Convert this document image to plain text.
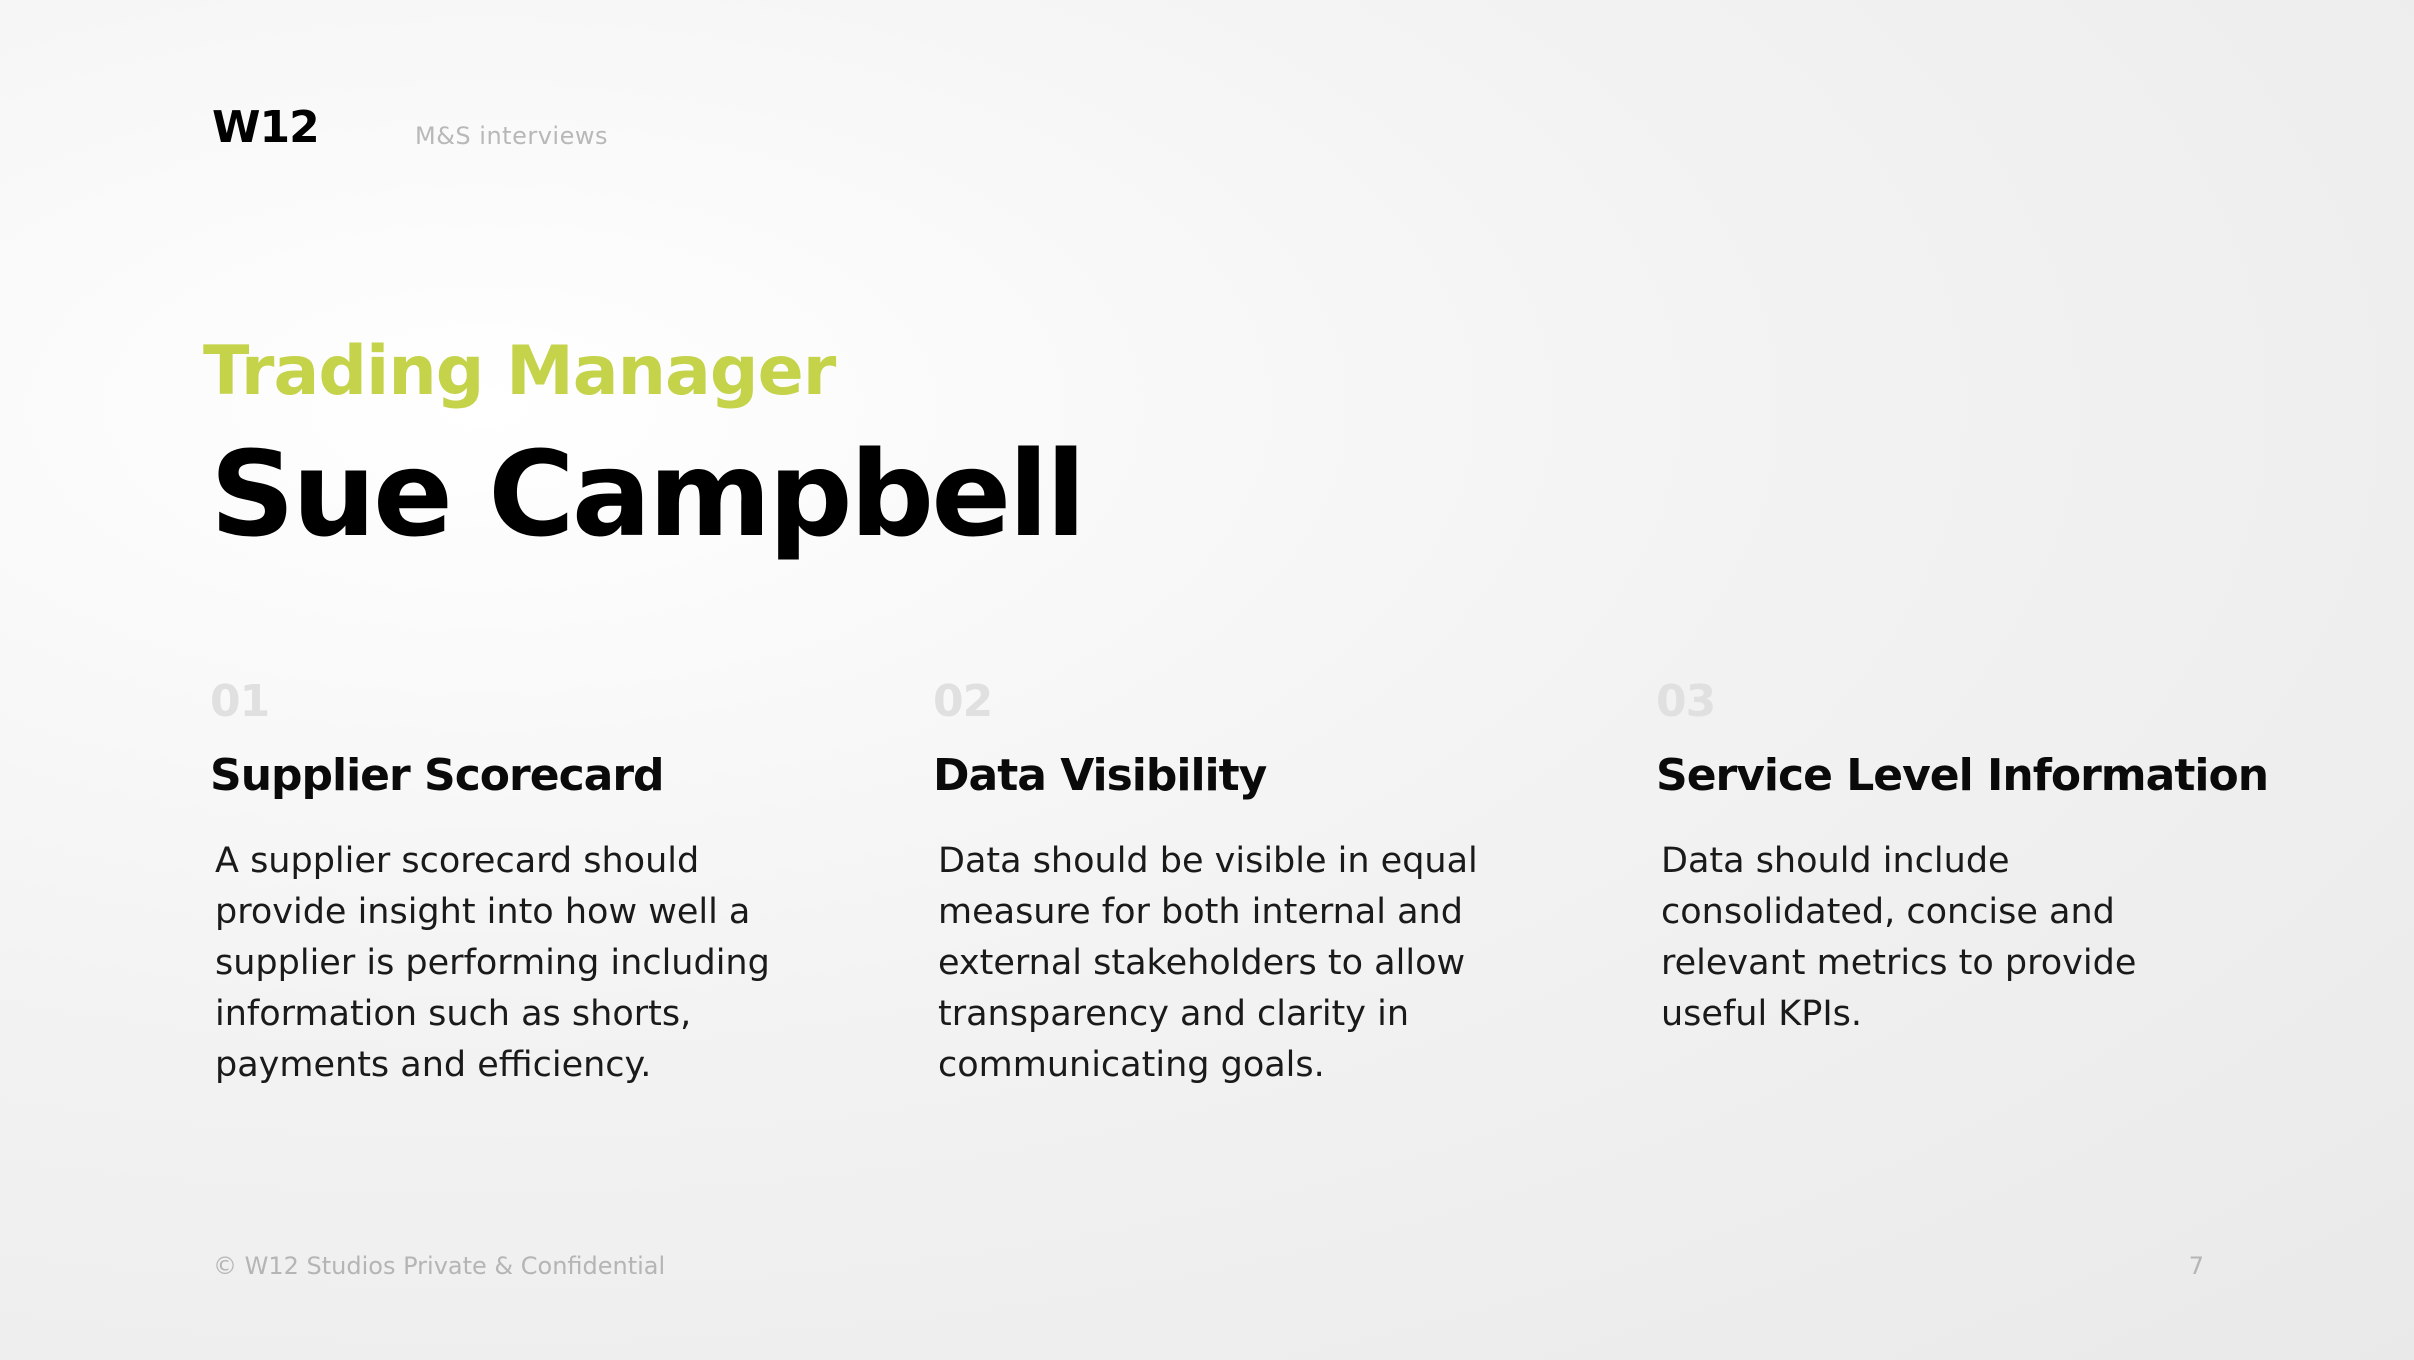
W12	M&S interviews
Trading Manager
Sue Campbell
01
Supplier Scorecard
A supplier scorecard should provide insight into how well a supplier is performing including information such as shorts, payments and efficiency.
02
Data Visibility
Data should be visible in equal measure for both internal and external stakeholders to allow transparency and clarity in communicating goals.
03
Service Level Information
Data should include consolidated, concise and relevant metrics to provide useful KPIs.
© W12 Studios Private & Confidential	7
